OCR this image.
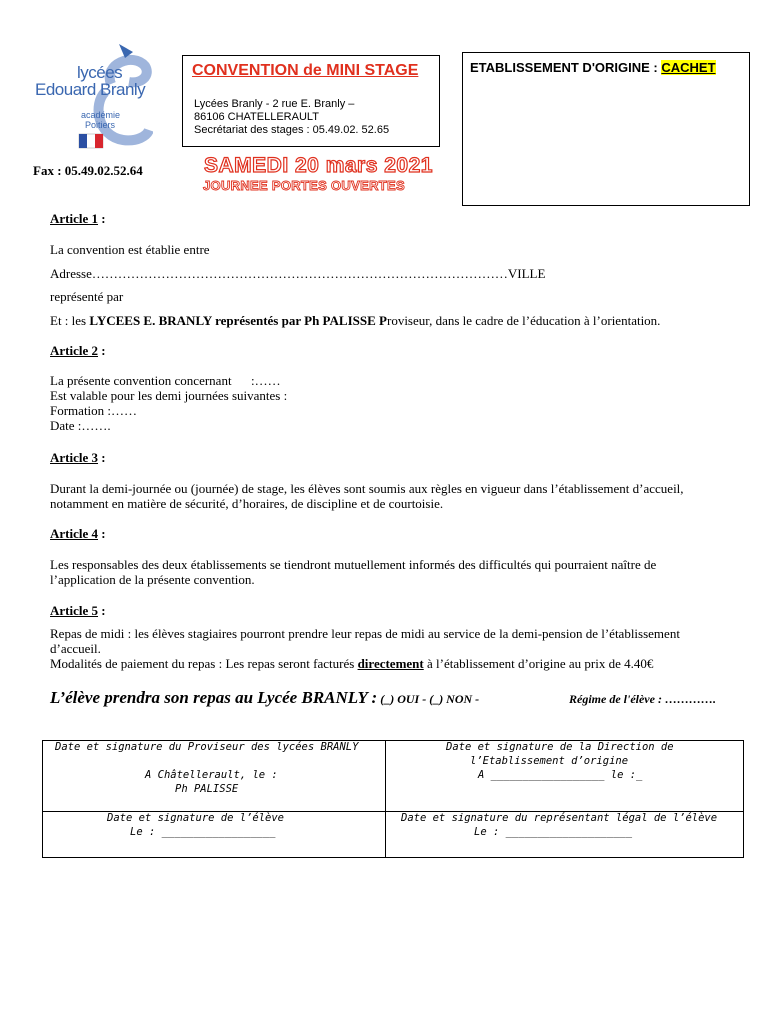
lycées
Edouard Branly
académie
Poitiers
CONVENTION de MINI STAGE
Lycées Branly - 2 rue E. Branly –
86106 CHATELLERAULT
Secrétariat des stages : 05.49.02. 52.65
ETABLISSEMENT D'ORIGINE : CACHET
Fax : 05.49.02.52.64	SAMEDI 20 mars 2021
JOURNEE PORTES OUVERTES
Article 1 :
La convention est établie entre
Adresse……………………………………………………………………………………VILLE
représenté par
Et : les LYCEES E. BRANLY représentés par Ph PALISSE Proviseur, dans le cadre de l’éducation à l’orientation.
Article 2 :
La présente convention concernant      :……
Est valable pour les demi journées suivantes :
Formation :……
Date :…….
Article 3 :
Durant la demi-journée ou (journée) de stage, les élèves sont soumis aux règles en vigueur dans l’établissement d’accueil,
notamment en matière de sécurité, d’horaires, de discipline et de courtoisie.
Article 4 :
Les responsables des deux établissements se tiendront mutuellement informés des difficultés qui pourraient naître de
l’application de la présente convention.
Article 5 :
Repas de midi : les élèves stagiaires pourront prendre leur repas de midi au service de la demi-pension de l’établissement
d’accueil.
Modalités de paiement du repas : Les repas seront facturés directement à l’établissement d’origine au prix de 4.40€
L’élève prendra son repas au Lycée BRANLY : (_) OUI - (_) NON -	Régime de l'élève : ………….
Date et signature du Proviseur des lycées BRANLY
A Châtellerault, le :
Ph PALISSE
Date et signature de la Direction de
l’Etablissement d’origine
A __________________ le :_
Date et signature de l’élève
Le : __________________
Date et signature du représentant légal de l’élève
Le : ____________________
